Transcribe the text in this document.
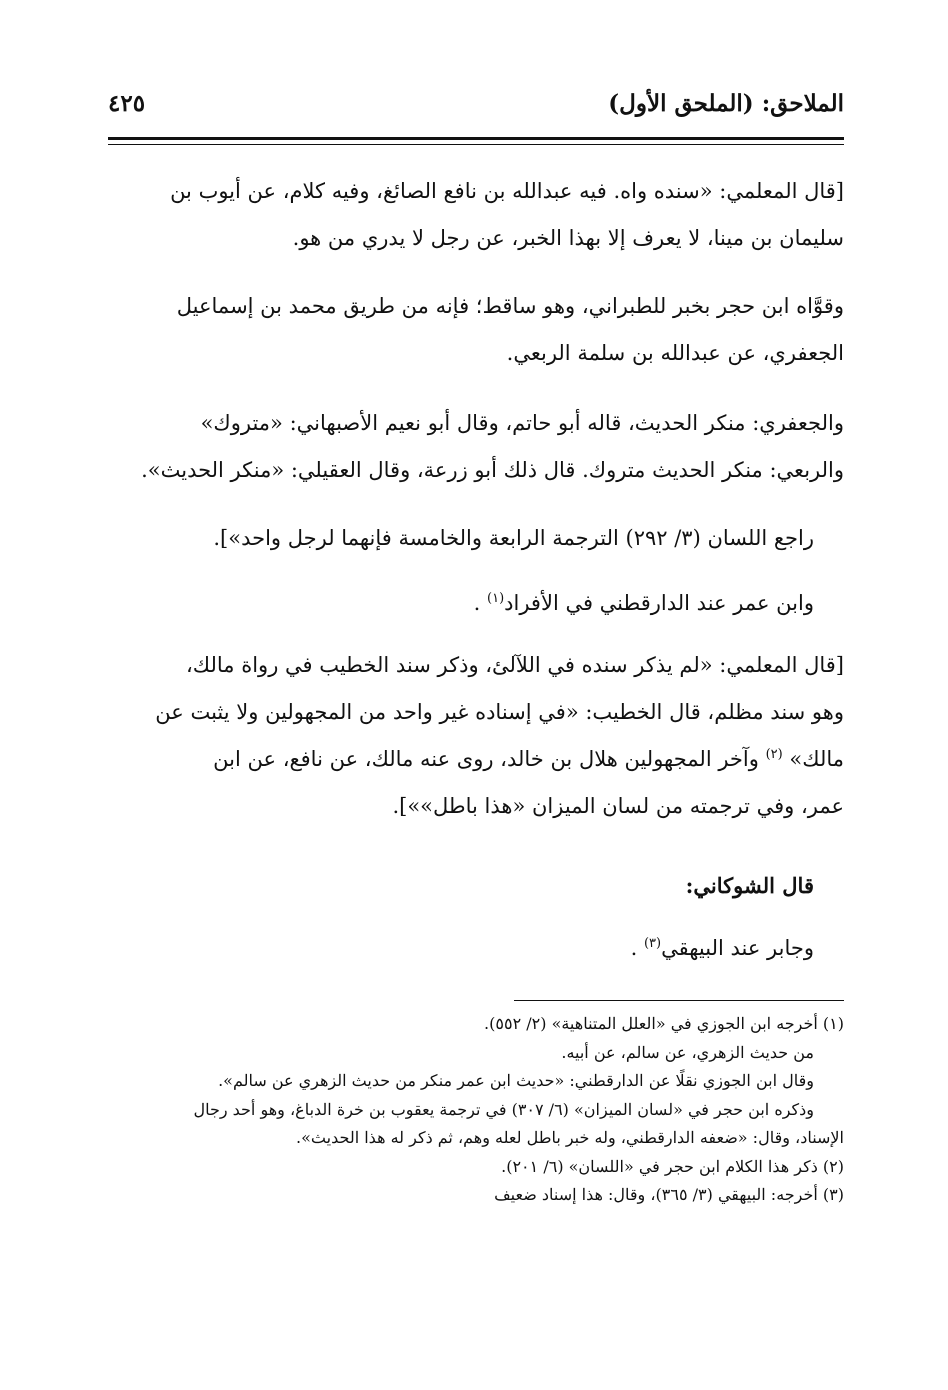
الملاحق: (الملحق الأول)
٤٢٥
[قال المعلمي: «سنده واه. فيه عبدالله بن نافع الصائغ، وفيه كلام، عن أيوب بن
سليمان بن مينا، لا يعرف إلا بهذا الخبر، عن رجل لا يدري من هو.
وقوَّاه ابن حجر بخبر للطبراني، وهو ساقط؛ فإنه من طريق محمد بن إسماعيل
الجعفري، عن عبدالله بن سلمة الربعي.
والجعفري: منكر الحديث، قاله أبو حاتم، وقال أبو نعيم الأصبهاني: «متروك»
والربعي: منكر الحديث متروك. قال ذلك أبو زرعة، وقال العقيلي: «منكر الحديث».
راجع اللسان (٣/ ٢٩٢) الترجمة الرابعة والخامسة فإنهما لرجل واحد»].
وابن عمر عند الدارقطني في الأفراد$^{(١)}$ .
[قال المعلمي: «لم يذكر سنده في اللآلئ، وذكر سند الخطيب في رواة مالك،
وهو سند مظلم، قال الخطيب: «في إسناده غير واحد من المجهولين ولا يثبت عن
مالك» $^{(٢)}$ وآخر المجهولين هلال بن خالد، روى عنه مالك، عن نافع، عن ابن
عمر، وفي ترجمته من لسان الميزان «هذا باطل»»].
قال الشوكاني:
وجابر عند البيهقي$^{(٣)}$ .
(١) أخرجه ابن الجوزي في «العلل المتناهية» (٢/ ٥٥٢).
من حديث الزهري، عن سالم، عن أبيه.
وقال ابن الجوزي نقلًا عن الدارقطني: «حديث ابن عمر منكر من حديث الزهري عن سالم».
وذكره ابن حجر في «لسان الميزان» (٦/ ٣٠٧) في ترجمة يعقوب بن خرة الدباغ، وهو أحد رجال
الإسناد، وقال: «ضعفه الدارقطني، وله خبر باطل لعله وهم، ثم ذكر له هذا الحديث».
(٢) ذكر هذا الكلام ابن حجر في «اللسان» (٦/ ٢٠١).
(٣) أخرجه: البيهقي (٣/ ٣٦٥)، وقال: هذا إسناد ضعيف
